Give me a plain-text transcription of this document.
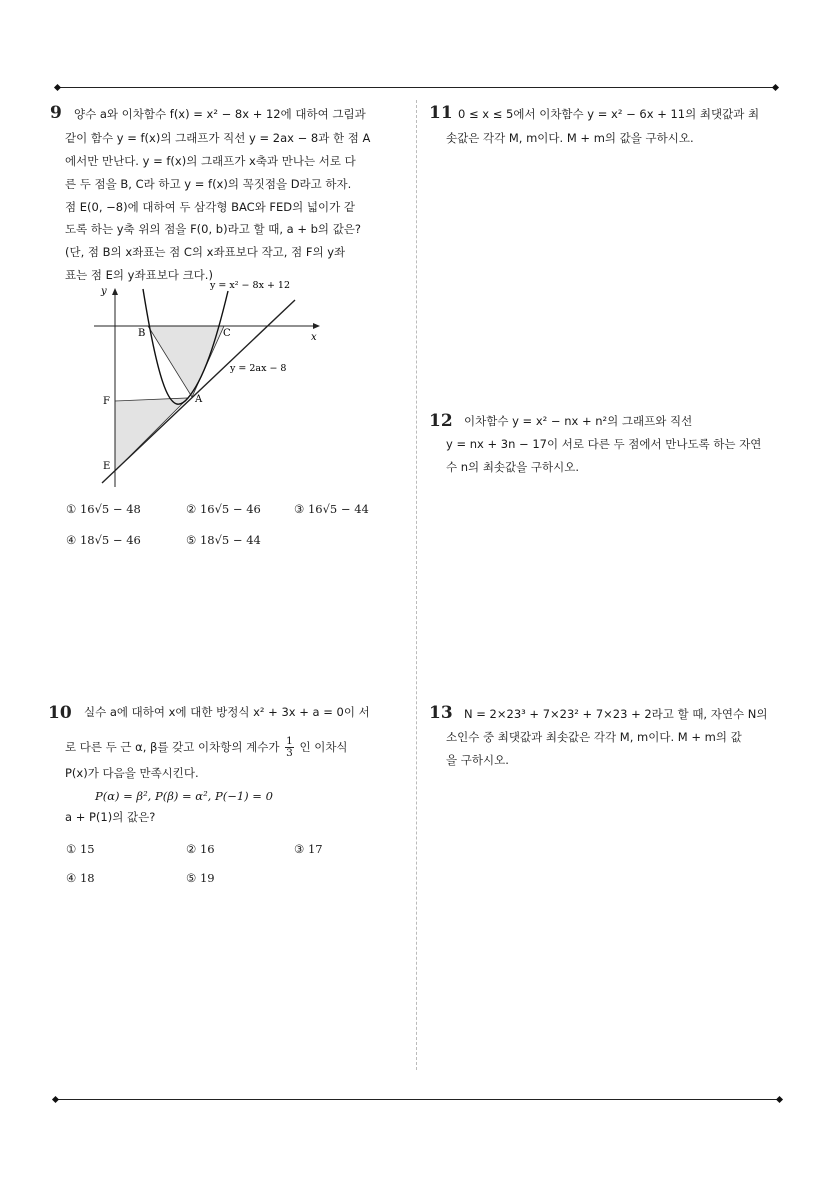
9 양수 a와 이차함수 f(x) = x² − 8x + 12에 대하여 그림과
같이 함수 y = f(x)의 그래프가 직선 y = 2ax − 8과 한 점 A
에서만 만난다. y = f(x)의 그래프가 x축과 만나는 서로 다
른 두 점을 B, C라 하고 y = f(x)의 꼭짓점을 D라고 하자.
점 E(0, −8)에 대하여 두 삼각형 BAC와 FED의 넓이가 같
도록 하는 y축 위의 점을 F(0, b)라고 할 때, a + b의 값은?
(단, 점 B의 x좌표는 점 C의 x좌표보다 작고, 점 F의 y좌
표는 점 E의 y좌표보다 크다.)
y
x
y = x² − 8x + 12
y = 2ax − 8
B	C
A
F
E
① 16√5 − 48	② 16√5 − 46	③ 16√5 − 44
④ 18√5 − 46	⑤ 18√5 − 44
10 실수 a에 대하여 x에 대한 방정식 x² + 3x + a = 0이 서
로 다른 두 근 α, β를 갖고 이차항의 계수가 $\frac{1}{3}$ 인 이차식
P(x)가 다음을 만족시킨다.
P(α) = β², P(β) = α², P(−1) = 0
a + P(1)의 값은?
① 15	② 16	③ 17
④ 18	⑤ 19
11 0 ≤ x ≤ 5에서 이차함수 y = x² − 6x + 11의 최댓값과 최
솟값은 각각 M, m이다. M + m의 값을 구하시오.
12 이차함수 y = x² − nx + n²의 그래프와 직선
y = nx + 3n − 17이 서로 다른 두 점에서 만나도록 하는 자연
수 n의 최솟값을 구하시오.
13 N = 2×23³ + 7×23² + 7×23 + 2라고 할 때, 자연수 N의
소인수 중 최댓값과 최솟값은 각각 M, m이다. M + m의 값
을 구하시오.
